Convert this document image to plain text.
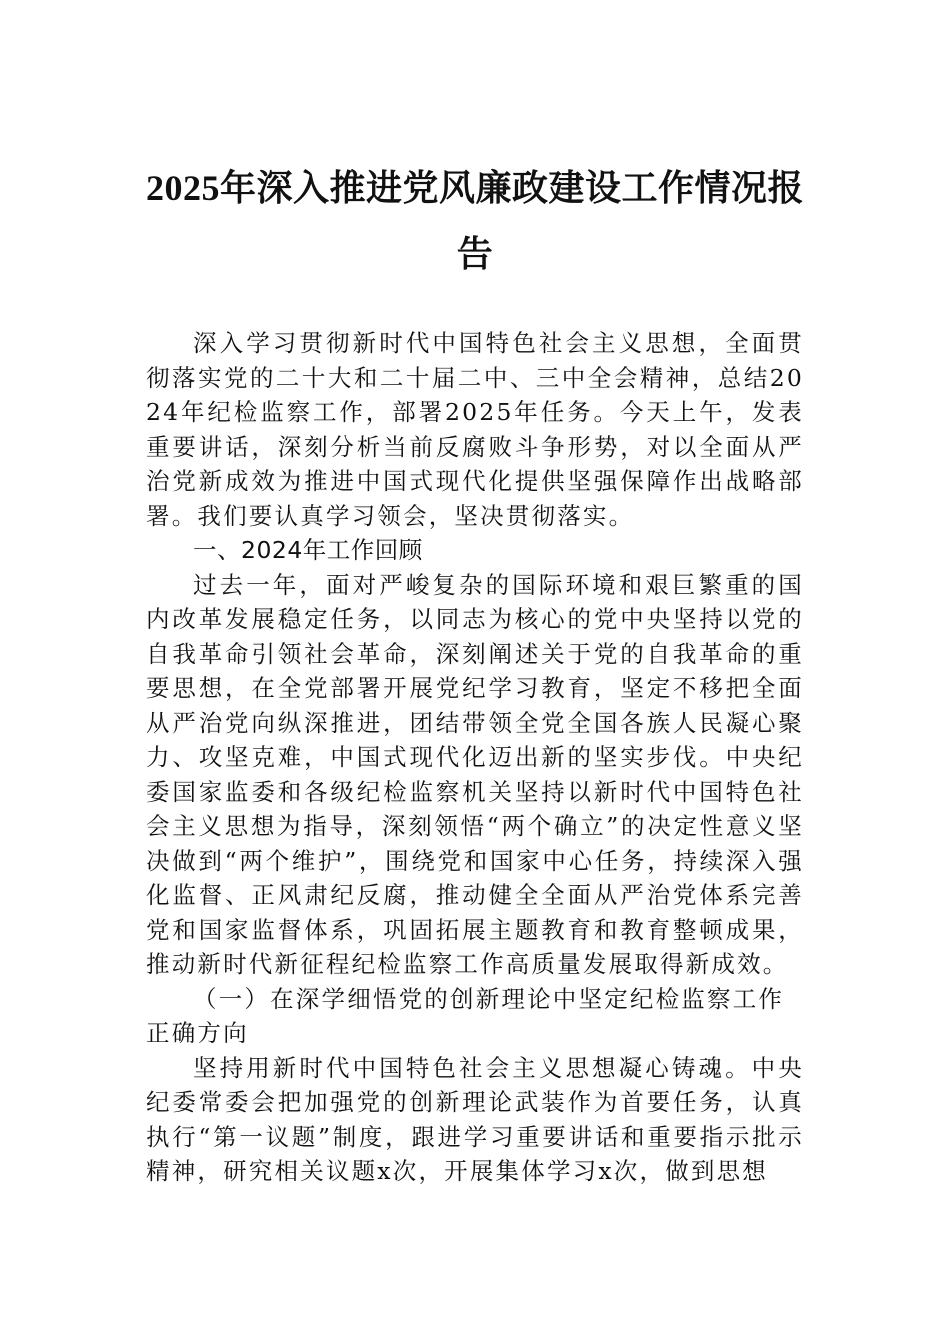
2025年深入推进党风廉政建设工作情况报告

深入学习贯彻新时代中国特色社会主义思想，全面贯彻落实党的二十大和二十届二中、三中全会精神，总结2024年纪检监察工作，部署2025年任务。今天上午，发表重要讲话，深刻分析当前反腐败斗争形势，对以全面从严治党新成效为推进中国式现代化提供坚强保障作出战略部署。我们要认真学习领会，坚决贯彻落实。

一、2024年工作回顾

过去一年，面对严峻复杂的国际环境和艰巨繁重的国内改革发展稳定任务，以同志为核心的党中央坚持以党的自我革命引领社会革命，深刻阐述关于党的自我革命的重要思想，在全党部署开展党纪学习教育，坚定不移把全面从严治党向纵深推进，团结带领全党全国各族人民凝心聚力、攻坚克难，中国式现代化迈出新的坚实步伐。中央纪委国家监委和各级纪检监察机关坚持以新时代中国特色社会主义思想为指导，深刻领悟“两个确立”的决定性意义坚决做到“两个维护”，围绕党和国家中心任务，持续深入强化监督、正风肃纪反腐，推动健全全面从严治党体系完善党和国家监督体系，巩固拓展主题教育和教育整顿成果，推动新时代新征程纪检监察工作高质量发展取得新成效。

（一）在深学细悟党的创新理论中坚定纪检监察工作正确方向

坚持用新时代中国特色社会主义思想凝心铸魂。中央纪委常委会把加强党的创新理论武装作为首要任务，认真执行“第一议题”制度，跟进学习重要讲话和重要指示批示精神，研究相关议题x次，开展集体学习x次，做到思想
